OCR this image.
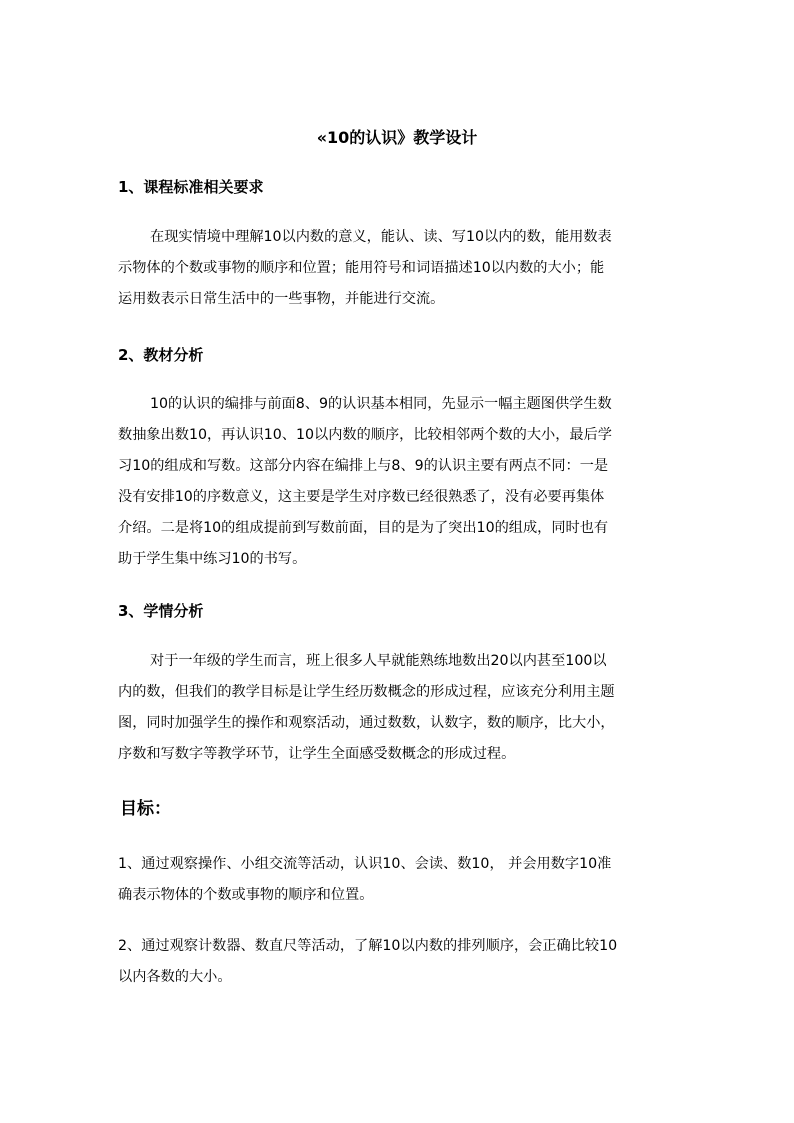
«10的认识》教学设计
1、课程标准相关要求
在现实情境中理解10以内数的意义，能认、读、写10以内的数，能用数表
示物体的个数或事物的顺序和位置；能用符号和词语描述10以内数的大小；能
运用数表示日常生活中的一些事物，并能进行交流。
2、教材分析
10的认识的编排与前面8、9的认识基本相同，先显示一幅主题图供学生数
数抽象出数10，再认识10、10以内数的顺序，比较相邻两个数的大小，最后学
习10的组成和写数。这部分内容在编排上与8、9的认识主要有两点不同：一是
没有安排10的序数意义，这主要是学生对序数已经很熟悉了，没有必要再集体
介绍。二是将10的组成提前到写数前面，目的是为了突出10的组成，同时也有
助于学生集中练习10的书写。
3、学情分析
对于一年级的学生而言，班上很多人早就能熟练地数出20以内甚至100以
内的数，但我们的教学目标是让学生经历数概念的形成过程，应该充分利用主题
图，同时加强学生的操作和观察活动，通过数数，认数字，数的顺序，比大小，
序数和写数字等教学环节，让学生全面感受数概念的形成过程。
目标：
1、通过观察操作、小组交流等活动，认识10、会读、数10， 并会用数字10准
确表示物体的个数或事物的顺序和位置。
2、通过观察计数器、数直尺等活动，了解10以内数的排列顺序，会正确比较10
以内各数的大小。
